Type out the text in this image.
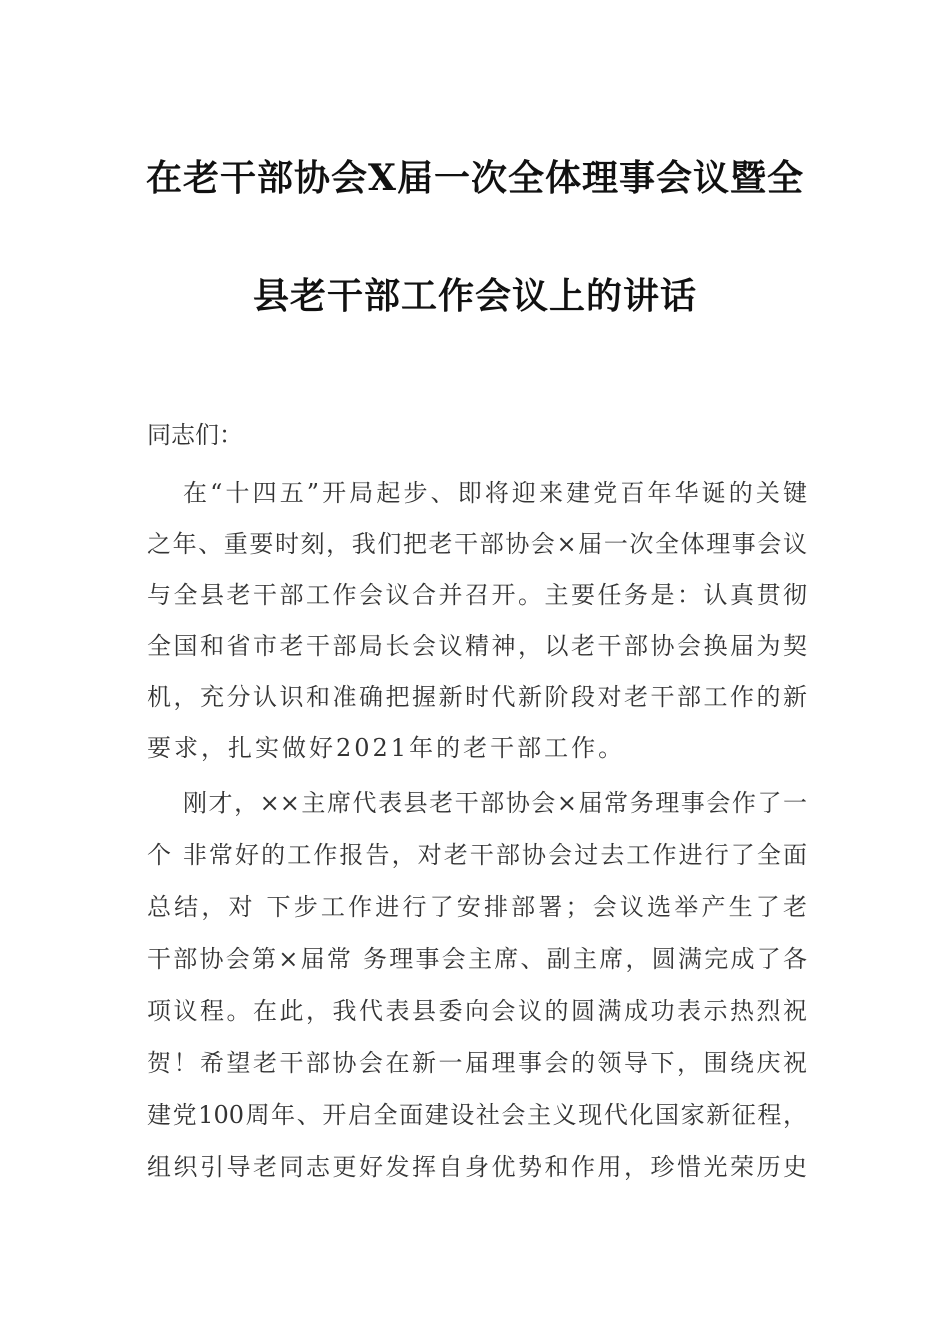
在老干部协会Ⅹ届一次全体理事会议暨全
县老干部工作会议上的讲话
同志们：
在“十四五”开局起步、即将迎来建党百年华诞的关键
之年、重要时刻，我们把老干部协会×届一次全体理事会议
与全县老干部工作会议合并召开。主要任务是：认真贯彻
全国和省市老干部局长会议精神，以老干部协会换届为契
机，充分认识和准确把握新时代新阶段对老干部工作的新
要求，扎实做好2021年的老干部工作。
刚才，××主席代表县老干部协会×届常务理事会作了一
个 非常好的工作报告，对老干部协会过去工作进行了全面
总结，对 下步工作进行了安排部署；会议选举产生了老
干部协会第×届常 务理事会主席、副主席，圆满完成了各
项议程。在此，我代表县委向会议的圆满成功表示热烈祝
贺！希望老干部协会在新一届理事会的领导下，围绕庆祝
建党100周年、开启全面建设社会主义现代化国家新征程，
组织引导老同志更好发挥自身优势和作用，珍惜光荣历史
